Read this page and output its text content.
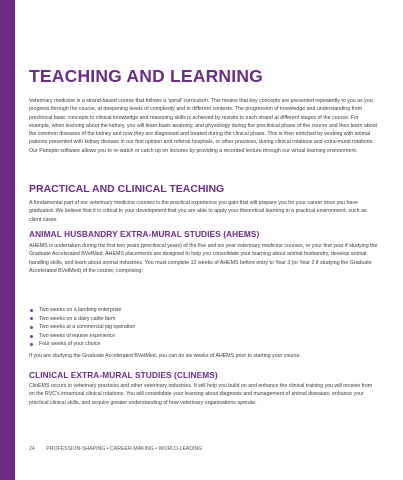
TEACHING AND LEARNING

Veterinary medicine is a strand-based course that follows a 'spiral' curriculum. This means that key concepts are presented repeatedly to you as you progress through the course, at deepening levels of complexity and in different contexts. The progression of knowledge and understanding from preclinical basic concepts to clinical knowledge and reasoning skills is achieved by revisits to each strand at different stages of the course. For example, when learning about the kidney, you will learn basic anatomy, and physiology during the preclinical phase of the course and then learn about the common diseases of the kidney and how they are diagnosed and treated during the clinical phase. This is then enriched by working with animal patients presented with kidney disease in our first opinion and referral hospitals, or other practices, during clinical rotations and extra-mural rotations. Our Panopto software allows you to re-watch or catch up on lectures by providing a recorded lecture through our virtual learning environment.

PRACTICAL AND CLINICAL TEACHING

A fundamental part of our veterinary medicine courses is the practical experience you gain that will prepare you for your career once you have graduated. We believe that it is critical to your development that you are able to apply your theoretical learning in a practical environment, such as client cases.

ANIMAL HUSBANDRY EXTRA-MURAL STUDIES (AHEMS)

AHEMS is undertaken during the first two years (preclinical years) of the five and six year veterinary medicine courses, or your first year if studying the Graduate Accelerated BVetMed. AHEMS placements are designed to help you consolidate your learning about animal husbandry, develop animal handling skills, and learn about animal industries. You must complete 12 weeks of AHEMS before entry to Year 3 (or Year 2 if studying the Graduate Accelerated BVetMed) of the course, comprising:

Two weeks on a lambing enterprise
Two weeks on a dairy cattle farm
Two weeks at a commercial pig operation
Two weeks of equine experience
Four weeks of your choice

If you are studying the Graduate Accelerated BVetMed, you can do six weeks of AHEMS prior to starting your course.

CLINICAL EXTRA-MURAL STUDIES (CLINEMS)

ClinEMS occurs in veterinary practices and other veterinary industries. It will help you build on and enhance the clinical training you will receive from on the RVC's intramural clinical rotations. You will consolidate your learning about diagnosis and management of animal diseases, enhance your practical clinical skills, and acquire greater understanding of how veterinary organisations operate.

24 PROFESSION-SHAPING • CAREER-MAKING • WORLD-LEADING
